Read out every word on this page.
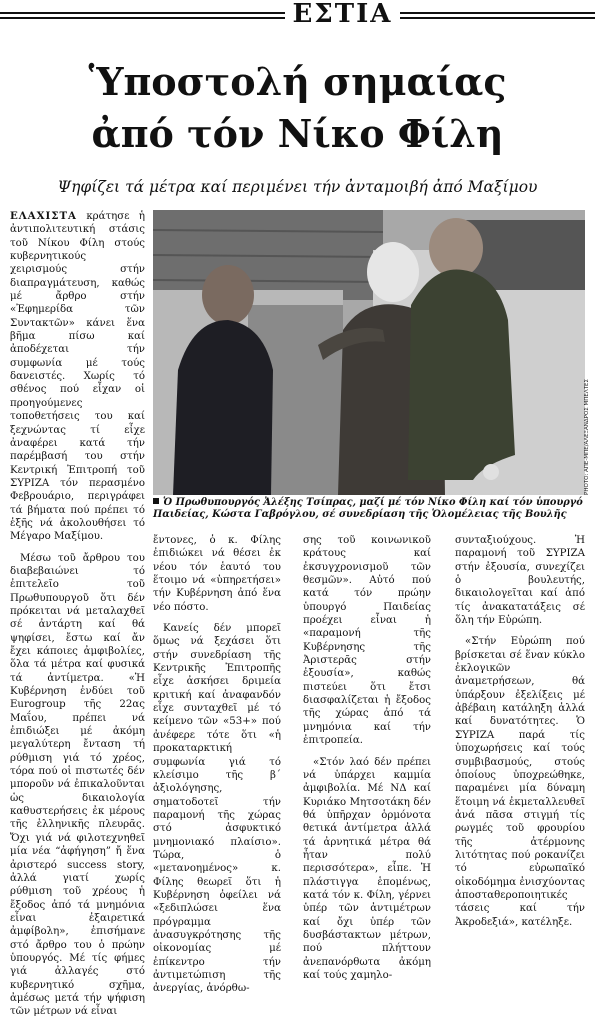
ΕΣΤΙΑ
Ὑποστολή σημαίας
ἀπό τόν Νίκο Φίλη
Ψηφίζει τά μέτρα καί περιμένει τήν ἀνταμοιβή ἀπό Μαξίμου

ΕΛΑΧΙΣΤΑ κράτησε ἡ ἀντιπολιτευτική στάσις τοῦ Νίκου Φίλη στούς κυβερνητικούς χειρισμούς στήν διαπραγμάτευση, καθώς μέ ἄρθρο στήν «Ἐφημερίδα τῶν Συντακτῶν» κάνει ἕνα βῆμα πίσω καί ἀποδέχεται τήν συμφωνία μέ τούς δανειστές. Χωρίς τό σθένος πού εἶχαν οἱ προηγούμενες τοποθετήσεις του καί ξεχνώντας τί εἶχε ἀναφέρει κατά τήν παρέμβασή του στήν Κεντρική Ἐπιτροπή τοῦ ΣΥΡΙΖΑ τόν περασμένο Φεβρουάριο, περιγράφει τά βήματα πού πρέπει τό ἑξῆς νά ἀκολουθήσει τό Μέγαρο Μαξίμου.

Μέσω τοῦ ἄρθρου του διαβεβαιώνει τό ἐπιτελεῖο τοῦ Πρωθυπουργοῦ ὅτι δέν πρόκειται νά μεταλαχθεῖ σέ ἀντάρτη καί θά ψηφίσει, ἔστω καί ἄν ἔχει κάποιες ἀμφιβολίες, ὅλα τά μέτρα καί φυσικά τά ἀντίμετρα. «Ἡ Κυβέρνηση ἐνδύει τοῦ Eurogroup τῆς 22ας Μαΐου, πρέπει νά ἐπιδιώξει μέ ἀκόμη μεγαλύτερη ἔνταση τή ρύθμιση γιά τό χρέος, τόρα πού οἱ πιστωτές δέν μποροῦν νά ἐπικαλοῦνται ὡς δικαιολογία καθυστερήσεις ἐκ μέρους τῆς ἑλληνικῆς πλευρᾶς. Ὄχι γιά νά φιλοτεχνηθεῖ μία νέα “ἀφήγηση” ἤ ἕνα ἀριστερό success story, ἀλλά γιατί χωρίς ρύθμιση τοῦ χρέους ἡ ἔξοδος ἀπό τά μνημόνια εἶναι ἐξαιρετικά ἀμφίβολη», ἐπισήμανε στό ἄρθρο του ὁ πρώην ὑπουργός. Μέ τίς φήμες γιά ἀλλαγές στό κυβερνητικό σχῆμα, ἀμέσως μετά τήν ψήφιση τῶν μέτρων νά εἶναι

PHOTO: ΑΠΕ-ΜΠΕ/ΑΛΕΞΑΝΔΡΟΣ ΜΠΕΛΤΕΣ
Ὁ Πρωθυπουργός Ἀλέξης Τσίπρας, μαζί μέ τόν Νίκο Φίλη καί τόν ὑπουργό Παιδείας, Κώστα Γαβρόγλου, σέ συνεδρίαση τῆς Ὁλομέλειας τῆς Βουλῆς

ἔντονες, ὁ κ. Φίλης ἐπιδιώκει νά θέσει ἐκ νέου τόν ἑαυτό του ἕτοιμο νά «ὑπηρετήσει» τήν Κυβέρνηση ἀπό ἕνα νέο πόστο.

Κανείς δέν μπορεῖ ὅμως νά ξεχάσει ὅτι στήν συνεδρίαση τῆς Κεντρικῆς Ἐπιτροπῆς εἶχε ἀσκήσει δριμεία κριτική καί ἀναφανδόν εἶχε συνταχθεῖ μέ τό κείμενο τῶν «53+» πού ἀνέφερε τότε ὅτι «ἡ προκαταρκτική συμφωνία γιά τό κλείσιμο τῆς β΄ ἀξιολόγησης, σηματοδοτεῖ τήν παραμονή τῆς χώρας στό ἀσφυκτικό μνημονιακό πλαίσιο». Τώρα, ὁ «μετανοημένος» κ. Φίλης θεωρεῖ ὅτι ἡ Κυβέρνηση ὀφείλει νά «ξεδιπλώσει ἕνα πρόγραμμα ἀνασυγκρότησης τῆς οἰκονομίας μέ ἐπίκεντρο τήν ἀντιμετώπιση τῆς ἀνεργίας, ἀνόρθω-

σης τοῦ κοινωνικοῦ κράτους καί ἐκσυγχρονισμοῦ τῶν θεσμῶν». Αὐτό πού κατά τόν πρώην ὑπουργό Παιδείας προέχει εἶναι ἡ «παραμονή τῆς Κυβέρνησης τῆς Ἀριστερᾶς στήν ἐξουσία», καθώς πιστεύει ὅτι ἔτσι διασφαλίζεται ἡ ἔξοδος τῆς χώρας ἀπό τά μνημόνια καί τήν ἐπιτροπεία.

«Στόν λαό δέν πρέπει νά ὑπάρχει καμμία ἀμφιβολία. Μέ ΝΔ καί Κυριάκο Μητσοτάκη δέν θά ὑπῆρχαν ὁρμόνοτα θετικά ἀντίμετρα ἀλλά τά ἀρνητικά μέτρα θά ἦταν πολύ περισσότερα», εἶπε. Ἡ πλάστιγγα ἑπομένως, κατά τόν κ. Φίλη, γέρνει ὑπέρ τῶν ἀντιμέτρων καί ὄχι ὑπέρ τῶν δυσβάστακτων μέτρων, πού πλήττουν ἀνεπανόρθωτα ἀκόμη καί τούς χαμηλο-

συνταξιούχους. Ἡ παραμονή τοῦ ΣΥΡΙΖΑ στήν ἐξουσία, συνεχίζει ὁ βουλευτής, δικαιολογεῖται καί ἀπό τίς ἀνακατατάξεις σέ ὅλη τήν Εὐρώπη.

«Στήν Εὐρώπη πού βρίσκεται σέ ἕναν κύκλο ἐκλογικῶν ἀναμετρήσεων, θά ὑπάρξουν ἐξελίξεις μέ ἀβέβαιη κατάληξη ἀλλά καί δυνατότητες. Ὁ ΣΥΡΙΖΑ παρά τίς ὑποχωρήσεις καί τούς συμβιβασμούς, στούς ὁποίους ὑποχρεώθηκε, παραμένει μία δύναμη ἕτοιμη νά ἐκμεταλλευθεῖ ἀνά πᾶσα στιγμή τίς ρωγμές τοῦ φρουρίου τῆς ἀτέρμονης λιτότητας πού ροκανίζει τό εὐρωπαϊκό οἰκοδόμημα ἐνισχύοντας ἀποσταθεροποιητικές τάσεις καί τήν Ἀκροδεξιά», κατέληξε.
